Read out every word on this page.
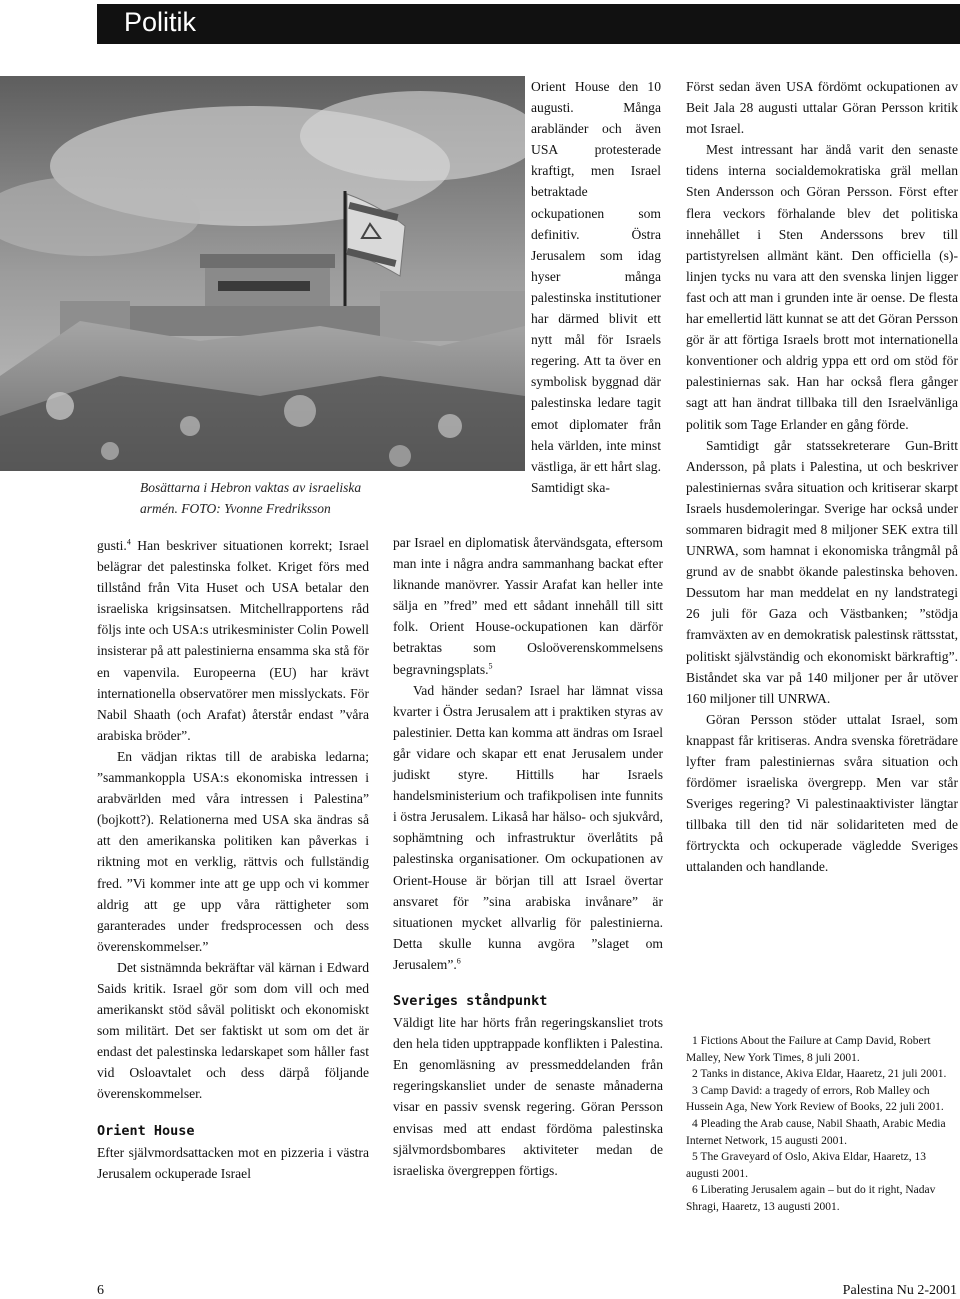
Politik
Bosättarna i Hebron vaktas av israeliska armén. FOTO: Yvonne Fredriksson

gusti.$^4$ Han beskriver situationen korrekt; Israel belägrar det palestinska folket. Kriget förs med tillstånd från Vita Huset och USA betalar den israeliska krigsinsatsen. Mitchellrapportens råd följs inte och USA:s utrikesminister Colin Powell insisterar på att palestinierna ensamma ska stå för en vapenvila. Europeerna (EU) har krävt internationella observatörer men misslyckats. För Nabil Shaath (och Arafat) återstår endast ”våra arabiska bröder”.

En vädjan riktas till de arabiska ledarna; ”sammankoppla USA:s ekonomiska intressen i arabvärlden med våra intressen i Palestina” (bojkott?). Relationerna med USA ska ändras så att den amerikanska politiken kan påverkas i riktning mot en verklig, rättvis och fullständig fred. ”Vi kommer inte att ge upp och vi kommer aldrig att ge upp våra rättigheter som garanterades under fredsprocessen och dess överenskommelser.”

Det sistnämnda bekräftar väl kärnan i Edward Saids kritik. Israel gör som dom vill och med amerikanskt stöd såväl politiskt och ekonomiskt som militärt. Det ser faktiskt ut som om det är endast det palestinska ledarskapet som håller fast vid Osloavtalet och dess därpå följande överenskommelser.

Orient House

Efter självmordsattacken mot en pizzeria i västra Jerusalem ockuperade Israel

Orient House den 10 augusti. Många arabländer och även USA protesterade kraftigt, men Israel betraktade ockupationen som definitiv. Östra Jerusalem som idag hyser många palestinska institutioner har därmed blivit ett nytt mål för Israels regering. Att ta över en symbolisk byggnad där palestinska ledare tagit emot diplomater från hela världen, inte minst västliga, är ett hårt slag. Samtidigt ska-

par Israel en diplomatisk återvändsgata, eftersom man inte i några andra sammanhang backat efter liknande manövrer. Yassir Arafat kan heller inte sälja en ”fred” med ett sådant innehåll till sitt folk. Orient House-ockupationen kan därför betraktas som Osloöverenskommelsens begravningsplats.$^5$

Vad händer sedan? Israel har lämnat vissa kvarter i Östra Jerusalem att i praktiken styras av palestinier. Detta kan komma att ändras om Israel går vidare och skapar ett enat Jerusalem under judiskt styre. Hittills har Israels handelsministerium och trafikpolisen inte funnits i östra Jerusalem. Likaså har hälso- och sjukvård, sophämtning och infrastruktur överlåtits på palestinska organisationer. Om ockupationen av Orient-House är början till att Israel övertar ansvaret för ”sina arabiska invånare” är situationen mycket allvarlig för palestinierna. Detta skulle kunna avgöra ”slaget om Jerusalem”.$^6$

Sveriges ståndpunkt

Väldigt lite har hörts från regeringskansliet trots den hela tiden upptrappade konflikten i Palestina. En genomläsning av pressmeddelanden från regeringskansliet under de senaste månaderna visar en passiv svensk regering. Göran Persson envisas med att endast fördöma palestinska självmordsbombares aktiviteter medan de israeliska övergreppen förtigs.

Först sedan även USA fördömt ockupationen av Beit Jala 28 augusti uttalar Göran Persson kritik mot Israel.

Mest intressant har ändå varit den senaste tidens interna socialdemokratiska gräl mellan Sten Andersson och Göran Persson. Först efter flera veckors förhalande blev det politiska innehållet i Sten Anderssons brev till partistyrelsen allmänt känt. Den officiella (s)-linjen tycks nu vara att den svenska linjen ligger fast och att man i grunden inte är oense. De flesta har emellertid lätt kunnat se att det Göran Persson gör är att förtiga Israels brott mot internationella konventioner och aldrig yppa ett ord om stöd för palestiniernas sak. Han har också flera gånger sagt att han ändrat tillbaka till den Israelvänliga politik som Tage Erlander en gång förde.

Samtidigt går statssekreterare Gun-Britt Andersson, på plats i Palestina, ut och beskriver palestiniernas svåra situation och kritiserar skarpt Israels husdemoleringar. Sverige har också under sommaren bidragit med 8 miljoner SEK extra till UNRWA, som hamnat i ekonomiska trångmål på grund av de snabbt ökande palestinska behoven. Dessutom har man meddelat en ny landstrategi 26 juli för Gaza och Västbanken; ”stödja framväxten av en demokratisk palestinsk rättsstat, politiskt självständig och ekonomiskt bärkraftig”. Biståndet ska var på 140 miljoner per år utöver 160 miljoner till UNRWA.

Göran Persson stöder uttalat Israel, som knappast får kritiseras. Andra svenska företrädare lyfter fram palestiniernas svåra situation och fördömer israeliska övergrepp. Men var står Sveriges regering? Vi palestinaaktivister längtar tillbaka till den tid när solidariteten med de förtryckta och ockuperade vägledde Sveriges uttalanden och handlande.

1 Fictions About the Failure at Camp David, Robert Malley, New York Times, 8 juli 2001.

2 Tanks in distance, Akiva Eldar, Haaretz, 21 juli 2001.

3 Camp David: a tragedy of errors, Rob Malley och Hussein Aga, New York Review of Books, 22 juli 2001.

4 Pleading the Arab cause, Nabil Shaath, Arabic Media Internet Network, 15 augusti 2001.

5 The Graveyard of Oslo, Akiva Eldar, Haaretz, 13 augusti 2001.

6 Liberating Jerusalem again – but do it right, Nadav Shragi, Haaretz, 13 augusti 2001.

6	Palestina Nu 2-2001
